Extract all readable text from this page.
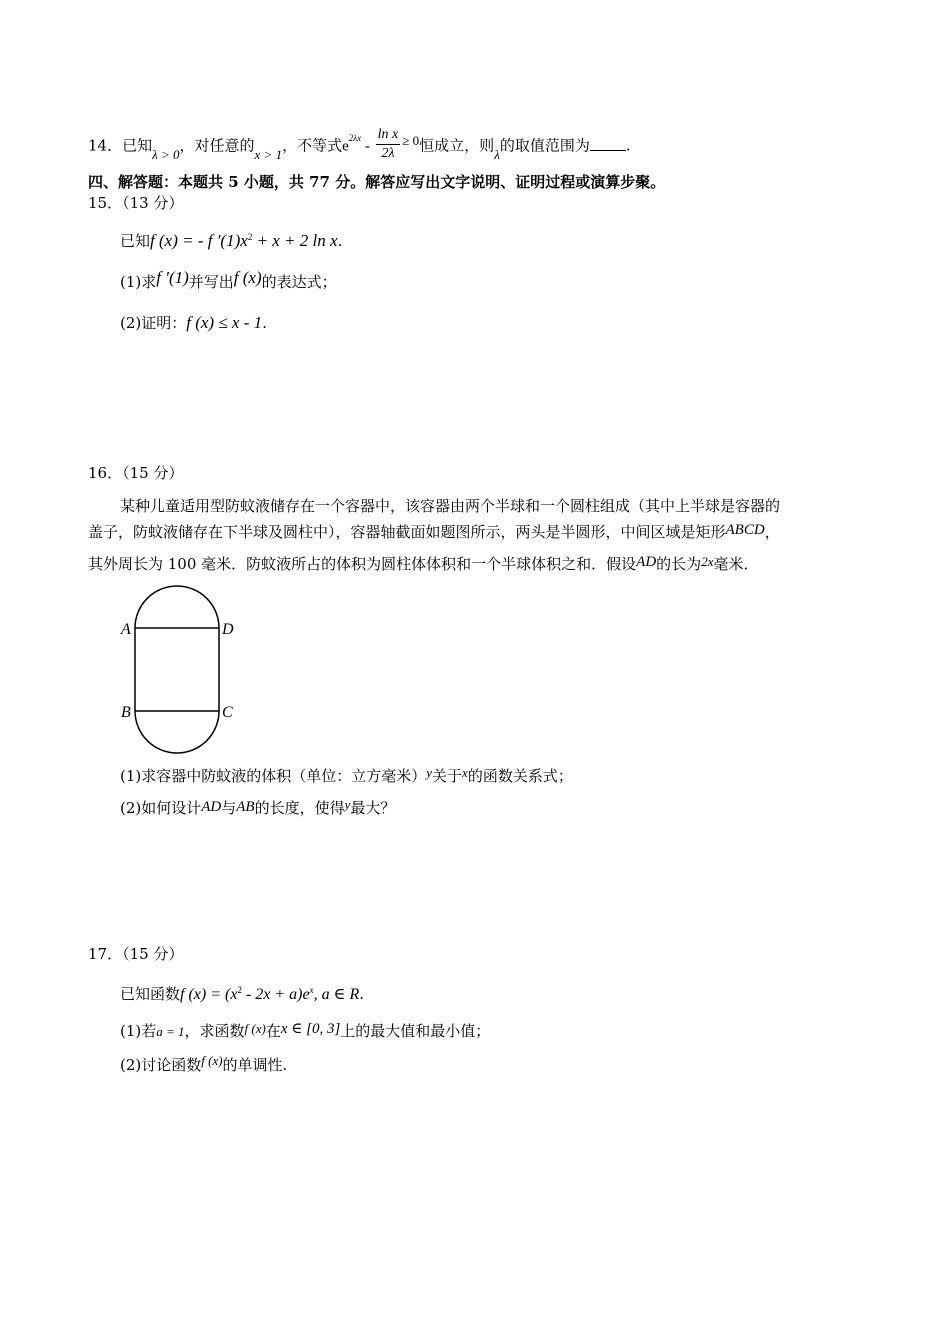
14．已知λ > 0，对任意的x > 1，不等式$e^{2\lambda x} - \frac{\text{ln x}}{2\lambda} \ge 0$恒成立，则λ的取值范围为 .
四、解答题：本题共 5 小题，共 77 分。解答应写出文字说明、证明过程或演算步聚。
15．（13 分）
已知f (x) = - f $'(1)x^2 + x + 2$ ln x.
(1)求f ′(1)并写出f (x)的表达式；
(2)证明：f (x) ≤ x - 1.
16．（15 分）
某种儿童适用型防蚊液储存在一个容器中，该容器由两个半球和一个圆柱组成（其中上半球是容器的
盖子，防蚊液储存在下半球及圆柱中），容器轴截面如题图所示，两头是半圆形，中间区域是矩形ABCD，
其外周长为 100 毫米．防蚊液所占的体积为圆柱体体积和一个半球体积之和．假设AD的长为2x毫米．
A	D
B	C
(1)求容器中防蚊液的体积（单位：立方毫米）y关于x的函数关系式；
(2)如何设计AD与AB的长度，使得y最大？
17．（15 分）
已知函数f $(x) = (x^2 - 2x + a)e^x$, a ∈ R.
(1)若a = 1，求函数f (x)在x ∈ [0, 3]上的最大值和最小值；
(2)讨论函数f (x)的单调性.
